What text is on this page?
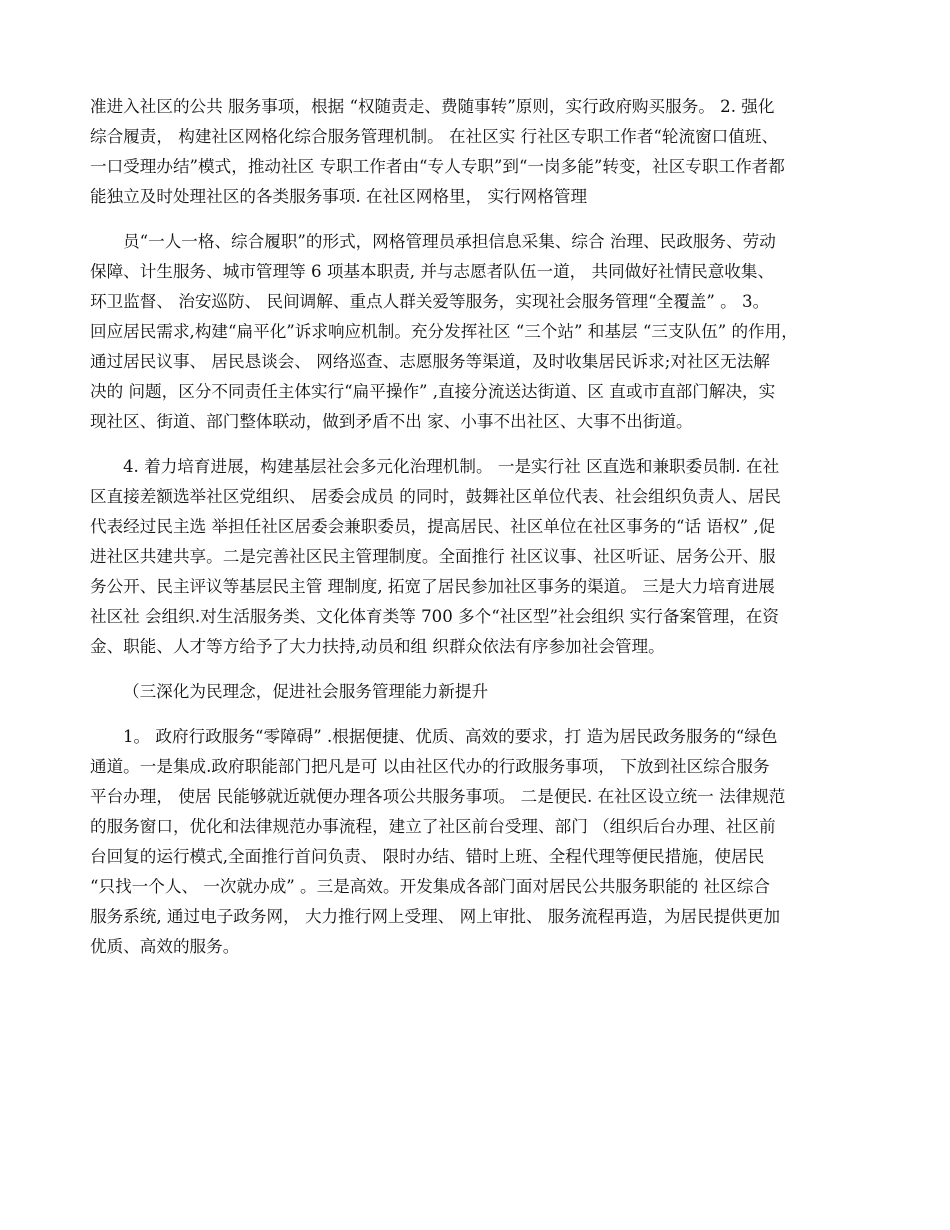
准进入社区的公共 服务事项，根据 “权随责走、费随事转”原则，实行政府购买服务。 2. 强化
综合履责， 构建社区网格化综合服务管理机制。 在社区实 行社区专职工作者“轮流窗口值班、
一口受理办结”模式，推动社区 专职工作者由“专人专职”到“一岗多能”转变，社区专职工作者都
能独立及时处理社区的各类服务事项. 在社区网格里， 实行网格管理

员“一人一格、综合履职”的形式，网格管理员承担信息采集、综合 治理、民政服务、劳动
保障、计生服务、城市管理等 6 项基本职责, 并与志愿者队伍一道， 共同做好社情民意收集、
环卫监督、 治安巡防、 民间调解、重点人群关爱等服务，实现社会服务管理“全覆盖” 。 3。
回应居民需求,构建“扁平化”诉求响应机制。充分发挥社区 “三个站” 和基层 “三支队伍” 的作用，
通过居民议事、 居民恳谈会、 网络巡查、志愿服务等渠道，及时收集居民诉求;对社区无法解
决的 问题，区分不同责任主体实行“扁平操作” ,直接分流送达街道、区 直或市直部门解决，实
现社区、街道、部门整体联动，做到矛盾不出 家、小事不出社区、大事不出街道。

4. 着力培育进展，构建基层社会多元化治理机制。 一是实行社 区直选和兼职委员制. 在社
区直接差额选举社区党组织、 居委会成员 的同时，鼓舞社区单位代表、社会组织负责人、居民
代表经过民主选 举担任社区居委会兼职委员，提高居民、社区单位在社区事务的“话 语权” ,促
进社区共建共享。二是完善社区民主管理制度。全面推行 社区议事、社区听证、居务公开、服
务公开、民主评议等基层民主管 理制度, 拓宽了居民参加社区事务的渠道。 三是大力培育进展
社区社 会组织.对生活服务类、文化体育类等 700 多个“社区型”社会组织 实行备案管理，在资
金、职能、人才等方给予了大力扶持,动员和组 织群众依法有序参加社会管理。

（三深化为民理念，促进社会服务管理能力新提升

1。 政府行政服务“零障碍” .根据便捷、优质、高效的要求，打 造为居民政务服务的“绿色
通道。一是集成.政府职能部门把凡是可 以由社区代办的行政服务事项， 下放到社区综合服务
平台办理， 使居 民能够就近就便办理各项公共服务事项。 二是便民. 在社区设立统一 法律规范
的服务窗口，优化和法律规范办事流程，建立了社区前台受理、部门 （组织后台办理、社区前
台回复的运行模式,全面推行首问负责、 限时办结、错时上班、全程代理等便民措施，使居民
“只找一个人、 一次就办成” 。三是高效。开发集成各部门面对居民公共服务职能的 社区综合
服务系统, 通过电子政务网， 大力推行网上受理、 网上审批、 服务流程再造，为居民提供更加
优质、高效的服务。
